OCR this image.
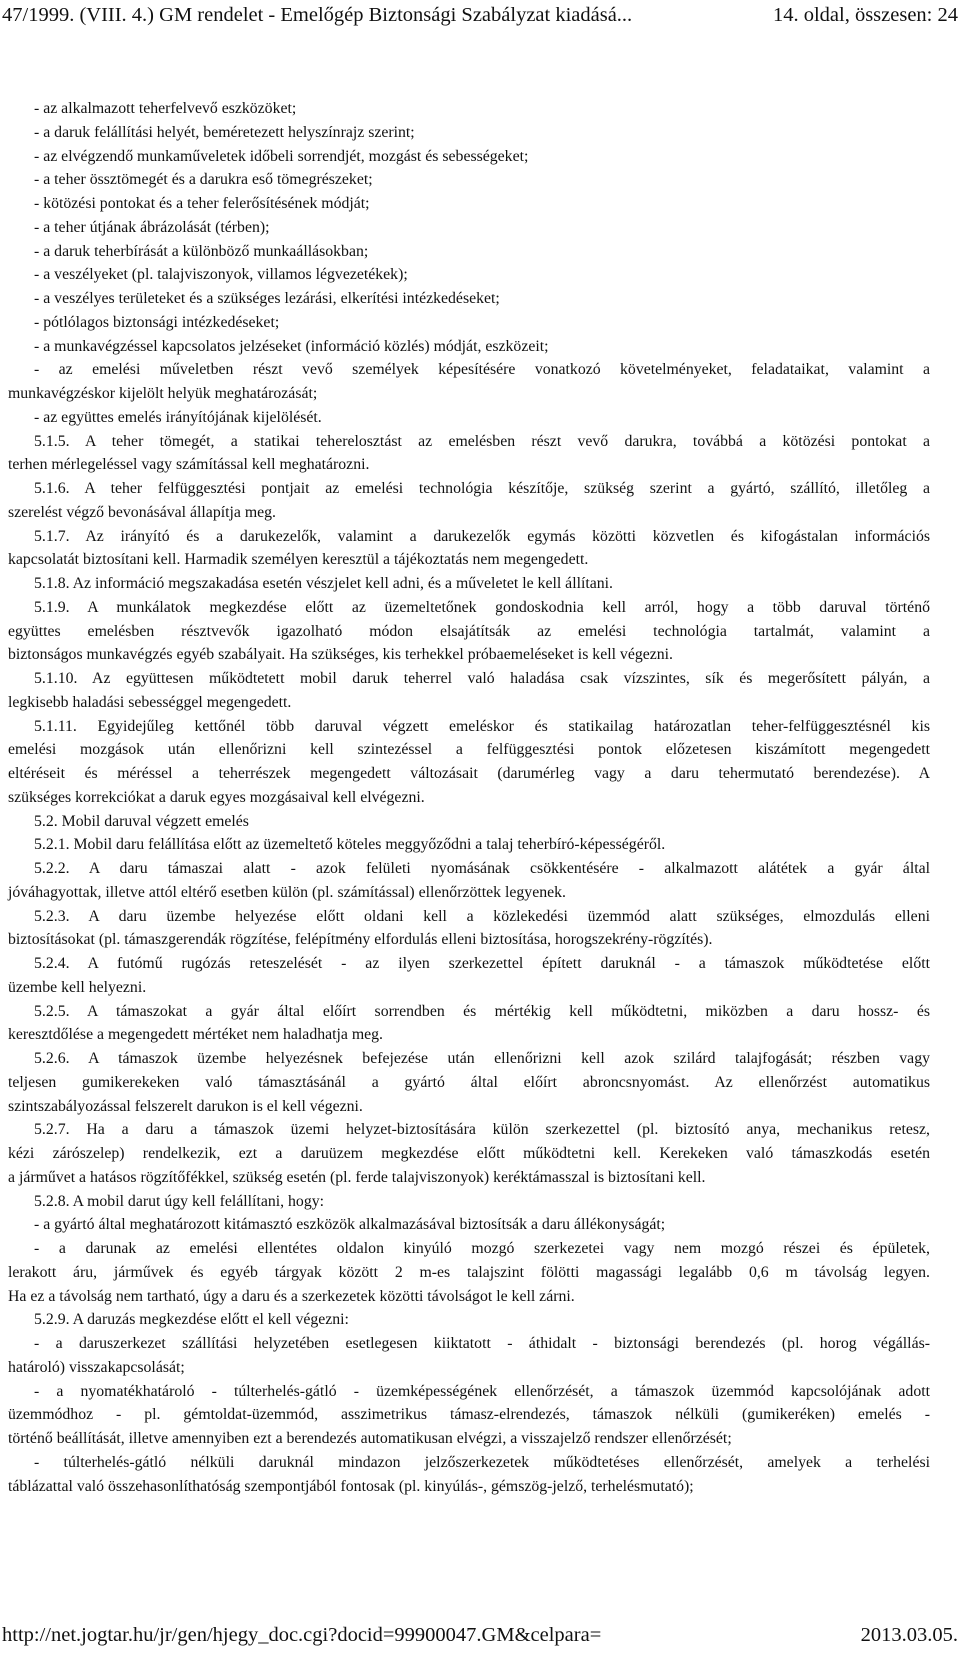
47/1999. (VIII. 4.) GM rendelet - Emelőgép Biztonsági Szabályzat kiadásá...	14. oldal, összesen: 24
- az alkalmazott teherfelvevő eszközöket;
- a daruk felállítási helyét, beméretezett helyszínrajz szerint;
- az elvégzendő munkaműveletek időbeli sorrendjét, mozgást és sebességeket;
- a teher össztömegét és a darukra eső tömegrészeket;
- kötözési pontokat és a teher felerősítésének módját;
- a teher útjának ábrázolását (térben);
- a daruk teherbírását a különböző munkaállásokban;
- a veszélyeket (pl. talajviszonyok, villamos légvezetékek);
- a veszélyes területeket és a szükséges lezárási, elkerítési intézkedéseket;
- pótlólagos biztonsági intézkedéseket;
- a munkavégzéssel kapcsolatos jelzéseket (információ közlés) módját, eszközeit;
- az emelési műveletben részt vevő személyek képesítésére vonatkozó követelményeket, feladataikat, valamint a
munkavégzéskor kijelölt helyük meghatározását;
- az együttes emelés irányítójának kijelölését.
5.1.5. A teher tömegét, a statikai teherelosztást az emelésben részt vevő darukra, továbbá a kötözési pontokat a
terhen mérlegeléssel vagy számítással kell meghatározni.
5.1.6. A teher felfüggesztési pontjait az emelési technológia készítője, szükség szerint a gyártó, szállító, illetőleg a
szerelést végző bevonásával állapítja meg.
5.1.7. Az irányító és a darukezelők, valamint a darukezelők egymás közötti közvetlen és kifogástalan információs
kapcsolatát biztosítani kell. Harmadik személyen keresztül a tájékoztatás nem megengedett.
5.1.8. Az információ megszakadása esetén vészjelet kell adni, és a műveletet le kell állítani.
5.1.9. A munkálatok megkezdése előtt az üzemeltetőnek gondoskodnia kell arról, hogy a több daruval történő
együttes emelésben résztvevők igazolható módon elsajátítsák az emelési technológia tartalmát, valamint a
biztonságos munkavégzés egyéb szabályait. Ha szükséges, kis terhekkel próbaemeléseket is kell végezni.
5.1.10. Az együttesen működtetett mobil daruk teherrel való haladása csak vízszintes, sík és megerősített pályán, a
legkisebb haladási sebességgel megengedett.
5.1.11. Egyidejűleg kettőnél több daruval végzett emeléskor és statikailag határozatlan teher-felfüggesztésnél kis
emelési mozgások után ellenőrizni kell szintezéssel a felfüggesztési pontok előzetesen kiszámított megengedett
eltéréseit és méréssel a teherrészek megengedett változásait (darumérleg vagy a daru tehermutató berendezése). A
szükséges korrekciókat a daruk egyes mozgásaival kell elvégezni.
5.2. Mobil daruval végzett emelés
5.2.1. Mobil daru felállítása előtt az üzemeltető köteles meggyőződni a talaj teherbíró-képességéről.
5.2.2. A daru támaszai alatt - azok felületi nyomásának csökkentésére - alkalmazott alátétek a gyár által
jóváhagyottak, illetve attól eltérő esetben külön (pl. számítással) ellenőrzöttek legyenek.
5.2.3. A daru üzembe helyezése előtt oldani kell a közlekedési üzemmód alatt szükséges, elmozdulás elleni
biztosításokat (pl. támaszgerendák rögzítése, felépítmény elfordulás elleni biztosítása, horogszekrény-rögzítés).
5.2.4. A futómű rugózás reteszelését - az ilyen szerkezettel épített daruknál - a támaszok működtetése előtt
üzembe kell helyezni.
5.2.5. A támaszokat a gyár által előírt sorrendben és mértékig kell működtetni, miközben a daru hossz- és
keresztdőlése a megengedett mértéket nem haladhatja meg.
5.2.6. A támaszok üzembe helyezésnek befejezése után ellenőrizni kell azok szilárd talajfogását; részben vagy
teljesen gumikerekeken való támasztásánál a gyártó által előírt abroncsnyomást. Az ellenőrzést automatikus
szintszabályozással felszerelt darukon is el kell végezni.
5.2.7. Ha a daru a támaszok üzemi helyzet-biztosítására külön szerkezettel (pl. biztosító anya, mechanikus retesz,
kézi zárószelep) rendelkezik, ezt a daruüzem megkezdése előtt működtetni kell. Kerekeken való támaszkodás esetén
a járművet a hatásos rögzítőfékkel, szükség esetén (pl. ferde talajviszonyok) keréktámasszal is biztosítani kell.
5.2.8. A mobil darut úgy kell felállítani, hogy:
- a gyártó által meghatározott kitámasztó eszközök alkalmazásával biztosítsák a daru állékonyságát;
- a darunak az emelési ellentétes oldalon kinyúló mozgó szerkezetei vagy nem mozgó részei és épületek,
lerakott áru, járművek és egyéb tárgyak között 2 m-es talajszint fölötti magassági legalább 0,6 m távolság legyen.
Ha ez a távolság nem tartható, úgy a daru és a szerkezetek közötti távolságot le kell zárni.
5.2.9. A daruzás megkezdése előtt el kell végezni:
- a daruszerkezet szállítási helyzetében esetlegesen kiiktatott - áthidalt - biztonsági berendezés (pl. horog végállás-
határoló) visszakapcsolását;
- a nyomatékhatároló - túlterhelés-gátló - üzemképességének ellenőrzését, a támaszok üzemmód kapcsolójának adott
üzemmódhoz - pl. gémtoldat-üzemmód, asszimetrikus támasz-elrendezés, támaszok nélküli (gumikeréken) emelés -
történő beállítását, illetve amennyiben ezt a berendezés automatikusan elvégzi, a visszajelző rendszer ellenőrzését;
- túlterhelés-gátló nélküli daruknál mindazon jelzőszerkezetek működtetéses ellenőrzését, amelyek a terhelési
táblázattal való összehasonlíthatóság szempontjából fontosak (pl. kinyúlás-, gémszög-jelző, terhelésmutató);
http://net.jogtar.hu/jr/gen/hjegy_doc.cgi?docid=99900047.GM&celpara=	2013.03.05.
